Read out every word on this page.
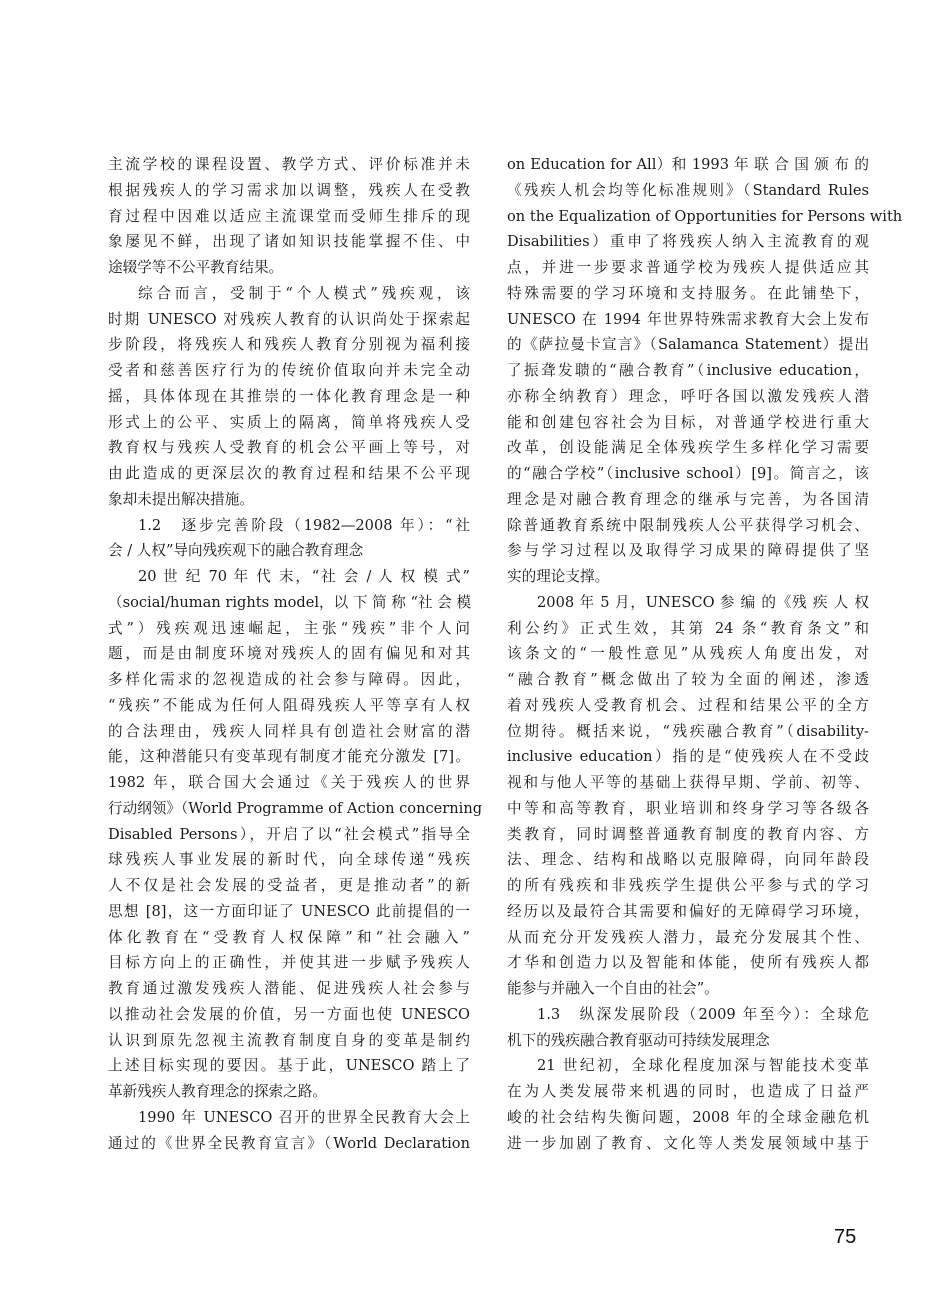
主流学校的课程设置、教学方式、评价标准并未
根据残疾人的学习需求加以调整，残疾人在受教
育过程中因难以适应主流课堂而受师生排斥的现
象屡见不鲜，出现了诸如知识技能掌握不佳、中
途辍学等不公平教育结果。
综合而言，受制于“个人模式”残疾观，该
时期 UNESCO 对残疾人教育的认识尚处于探索起
步阶段，将残疾人和残疾人教育分别视为福利接
受者和慈善医疗行为的传统价值取向并未完全动
摇，具体体现在其推崇的一体化教育理念是一种
形式上的公平、实质上的隔离，简单将残疾人受
教育权与残疾人受教育的机会公平画上等号，对
由此造成的更深层次的教育过程和结果不公平现
象却未提出解决措施。
1.2　逐步完善阶段（1982—2008 年）：“社
会 / 人权”导向残疾观下的融合教育理念
20 世 纪 70 年 代 末，“社 会 / 人 权 模 式”
（social/human rights model，以 下 简 称 “社 会 模
式”）残疾观迅速崛起，主张“残疾”非个人问
题，而是由制度环境对残疾人的固有偏见和对其
多样化需求的忽视造成的社会参与障碍。因此，
“残疾”不能成为任何人阻碍残疾人平等享有人权
的合法理由，残疾人同样具有创造社会财富的潜
能，这种潜能只有变革现有制度才能充分激发 [7]。
1982 年，联合国大会通过《关于残疾人的世界
行动纲领》（World Programme of Action concerning
Disabled Persons），开启了以“社会模式”指导全
球残疾人事业发展的新时代，向全球传递“残疾
人不仅是社会发展的受益者，更是推动者”的新
思想 [8]，这一方面印证了 UNESCO 此前提倡的一
体化教育在“受教育人权保障”和“社会融入”
目标方向上的正确性，并使其进一步赋予残疾人
教育通过激发残疾人潜能、促进残疾人社会参与
以推动社会发展的价值，另一方面也使 UNESCO
认识到原先忽视主流教育制度自身的变革是制约
上述目标实现的要因。基于此，UNESCO 踏上了
革新残疾人教育理念的探索之路。
1990 年 UNESCO 召开的世界全民教育大会上
通过的《世界全民教育宣言》（World Declaration
on Education for All）和 1993 年 联 合 国 颁 布 的
《残疾人机会均等化标准规则》（Standard Rules
on the Equalization of Opportunities for Persons with
Disabilities）重申了将残疾人纳入主流教育的观
点，并进一步要求普通学校为残疾人提供适应其
特殊需要的学习环境和支持服务。在此铺垫下，
UNESCO 在 1994 年世界特殊需求教育大会上发布
的《萨拉曼卡宣言》（Salamanca Statement）提出
了振聋发聩的“融合教育”（inclusive education，
亦称全纳教育）理念，呼吁各国以激发残疾人潜
能和创建包容社会为目标，对普通学校进行重大
改革，创设能满足全体残疾学生多样化学习需要
的“融合学校”（inclusive school）[9]。简言之，该
理念是对融合教育理念的继承与完善，为各国清
除普通教育系统中限制残疾人公平获得学习机会、
参与学习过程以及取得学习成果的障碍提供了坚
实的理论支撑。
2008 年 5 月，UNESCO 参 编 的《残 疾 人 权
利公约》正式生效，其第 24 条“教育条文”和
该条文的“一般性意见”从残疾人角度出发，对
“融合教育”概念做出了较为全面的阐述，渗透
着对残疾人受教育机会、过程和结果公平的全方
位期待。概括来说，“残疾融合教育”（disability-
inclusive education）指的是“使残疾人在不受歧
视和与他人平等的基础上获得早期、学前、初等、
中等和高等教育，职业培训和终身学习等各级各
类教育，同时调整普通教育制度的教育内容、方
法、理念、结构和战略以克服障碍，向同年龄段
的所有残疾和非残疾学生提供公平参与式的学习
经历以及最符合其需要和偏好的无障碍学习环境，
从而充分开发残疾人潜力，最充分发展其个性、
才华和创造力以及智能和体能，使所有残疾人都
能参与并融入一个自由的社会”。
1.3　纵深发展阶段（2009 年至今）：全球危
机下的残疾融合教育驱动可持续发展理念
21 世纪初，全球化程度加深与智能技术变革
在为人类发展带来机遇的同时，也造成了日益严
峻的社会结构失衡问题，2008 年的全球金融危机
进一步加剧了教育、文化等人类发展领域中基于
75
